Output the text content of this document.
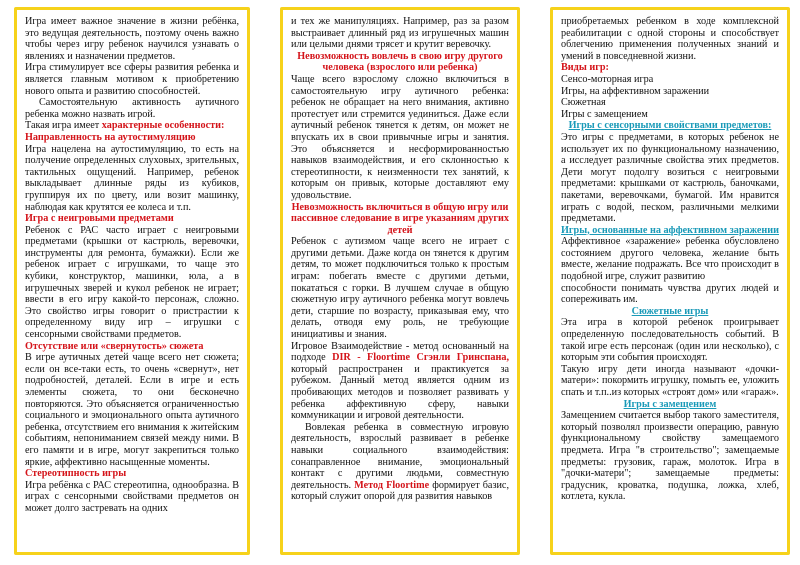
Игра имеет важное значение в жизни ребёнка, это ведущая деятельность, поэтому очень важно чтобы через игру ребенок научился узнавать о явлениях и назначении предметов.

Игра стимулирует все сферы развития ребенка и является главным мотивом к приобретению нового опыта и развитию способностей.

Самостоятельную активность аутичного ребенка можно назвать игрой.

Такая игра имеет характерные особенности:

Направленность на аутостимуляцию

Игра нацелена на аутостимуляцию, то есть на получение определенных слуховых, зрительных, тактильных ощущений. Например, ребенок выкладывает длинные ряды из кубиков, группируя их по цвету, или возит машинку, наблюдая как крутятся ее колеса и т.п.

Игра с неигровыми предметами

Ребенок с РАС часто играет с неигровыми предметами (крышки от кастрюль, веревочки, инструменты для ремонта, бумажки). Если же ребенок играет с игрушками, то чаще это кубики, конструктор, машинки, юла, а в игрушечных зверей и кукол ребенок не играет; ввести в его игру какой-то персонаж, сложно. Это свойство игры говорит о пристрастии к определенному виду игр – игрушки с сенсорными свойствами предметов.

Отсутствие или «свернутость» сюжета

В игре аутичных детей чаще всего нет сюжета; если он все-таки есть, то очень «свернут», нет подробностей, деталей. Если в игре и есть элементы сюжета, то они бесконечно повторяются. Это объясняется ограниченностью социального и эмоционального опыта аутичного ребенка, отсутствием его внимания к житейским событиям, непониманием связей между ними. В его памяти и в игре, могут закрепиться только яркие, аффективно насыщенные моменты.

Стереотипность игры

Игра ребёнка с РАС стереотипна, однообразна. В играх с сенсорными свойствами предметов он может долго застревать на одних

и тех же манипуляциях. Например, раз за разом выстраивает длинный ряд из игрушечных машин или целыми днями трясет и крутит веревочку.

Невозможность вовлечь в свою игру другого человека (взрослого или ребенка)

Чаще всего взрослому сложно включиться в самостоятельную игру аутичного ребенка: ребенок не обращает на него внимания, активно протестует или стремится уединиться. Даже если аутичный ребенок тянется к детям, он может не впускать их в свои привычные игры и занятия. Это объясняется и несформированностью навыков взаимодействия, и его склонностью к стереотипности, к неизменности тех занятий, к которым он привык, которые доставляют ему удовольствие.

Невозможность включиться в общую игру или пассивное следование в игре указаниям других детей

Ребенок с аутизмом чаще всего не играет с другими детьми. Даже когда он тянется к другим детям, то может подключиться только к простым играм: побегать вместе с другими детьми, покататься с горки. В лучшем случае в общую сюжетную игру аутичного ребенка могут вовлечь дети, старшие по возрасту, приказывая ему, что делать, отводя ему роль, не требующие инициативы и знания.

Игровое Взаимодействие - метод основанный на подходе DIR - Floortime Сгэнли Гринспана, который распространен и практикуется за рубежом. Данный метод является одним из пробивающих методов и позволяет развивать у ребенка аффективную сферу, навыки коммуникации и игровой деятельности.

Вовлекая ребенка в совместную игровую деятельность, взрослый развивает в ребенке навыки социального взаимодействия: сонаправленное внимание, эмоциональный контакт с другими людьми, совместную деятельность. Метод Floortime формирует базис, который служит опорой для развития навыков

приобретаемых ребенком в ходе комплексной реабилитации с одной стороны и способствует облегчению применения полученных знаний и умений в повседневной жизни.

Виды игр:

Сенсо-моторная игра

Игры, на аффективном заражении

Сюжетная

Игры с замещением

Игры с сенсорными свойствами предметов:

Это игры с предметами, в которых ребенок не использует их по функциональному назначению, а исследует различные свойства этих предметов. Дети могут подолгу возиться с неигровыми предметами: крышками от кастрюль, баночками, пакетами, веревочками, бумагой. Им нравится играть с водой, песком, различными мелкими предметами.

Игры, основанные на аффективном заражении

Аффективное «заражение» ребенка обусловлено состоянием другого человека, желание быть вместе, желание подражать. Все что происходит в подобной игре, служит развитию

способности понимать чувства других людей и сопереживать им.

Сюжетные игры

Эта игра в которой ребенок проигрывает определенную последовательность событий. В такой игре есть персонаж (один или несколько), с которым эти события происходят.

Такую игру дети иногда называют «дочки-матери»: покормить игрушку, помыть ее, уложить спать и т.п..из которых «строят дом» или «гараж».

Игры с замещением

Замещением считается выбор такого заместителя, который позволял произвести операцию, равную функциональному свойству замещаемого предмета. Игра "в строительство"; замещаемые предметы: грузовик, гараж, молоток. Игра в "дочки-матери"; замещаемые предметы: градусник, кроватка, подушка, ложка, хлеб, котлета, кукла.
